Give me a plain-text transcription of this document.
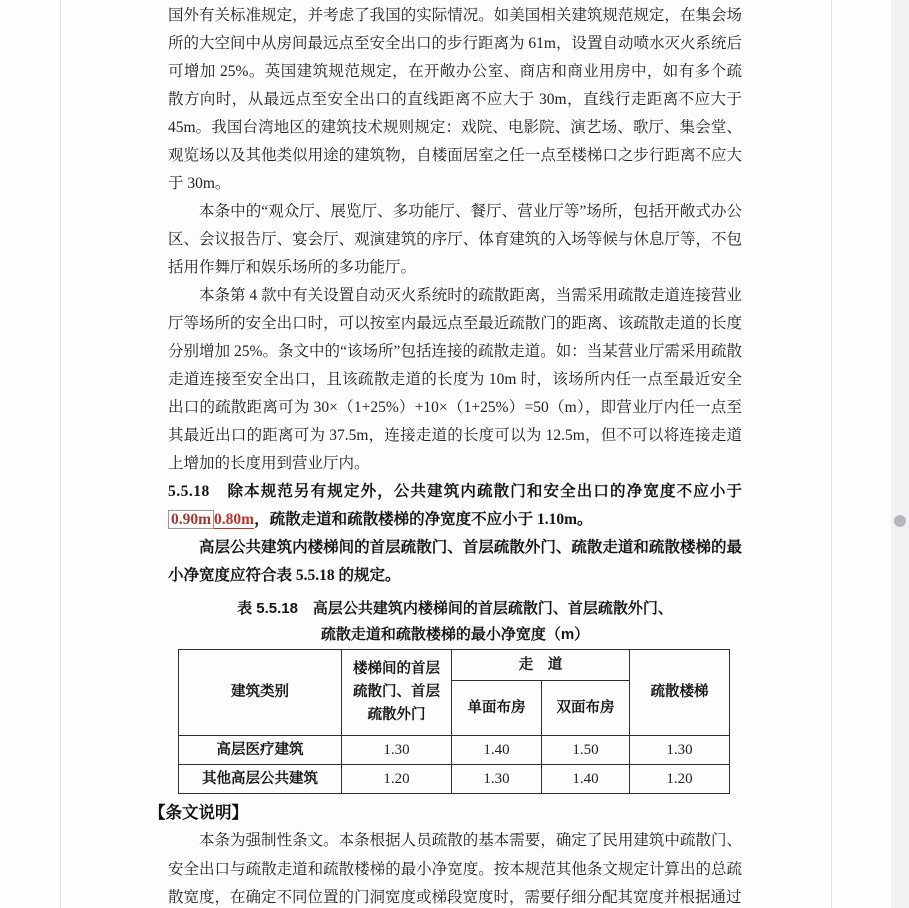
国外有关标准规定，并考虑了我国的实际情况。如美国相关建筑规范规定，在集会场所的大空间中从房间最远点至安全出口的步行距离为 61m，设置自动喷水灭火系统后可增加 25%。英国建筑规范规定，在开敞办公室、商店和商业用房中，如有多个疏散方向时，从最远点至安全出口的直线距离不应大于 30m，直线行走距离不应大于 45m。我国台湾地区的建筑技术规则规定：戏院、电影院、演艺场、歌厅、集会堂、观览场以及其他类似用途的建筑物，自楼面居室之任一点至楼梯口之步行距离不应大于 30m。

本条中的“观众厅、展览厅、多功能厅、餐厅、营业厅等”场所，包括开敞式办公区、会议报告厅、宴会厅、观演建筑的序厅、体育建筑的入场等候与休息厅等，不包括用作舞厅和娱乐场所的多功能厅。

本条第 4 款中有关设置自动灭火系统时的疏散距离，当需采用疏散走道连接营业厅等场所的安全出口时，可以按室内最远点至最近疏散门的距离、该疏散走道的长度分别增加 25%。条文中的“该场所”包括连接的疏散走道。如：当某营业厅需采用疏散走道连接至安全出口，且该疏散走道的长度为 10m 时，该场所内任一点至最近安全出口的疏散距离可为 30×（1+25%）+10×（1+25%）=50（m），即营业厅内任一点至其最近出口的距离可为 37.5m，连接走道的长度可以为 12.5m，但不可以将连接走道上增加的长度用到营业厅内。

5.5.18　除本规范另有规定外，公共建筑内疏散门和安全出口的净宽度不应小于0.90m 0.80m，疏散走道和疏散楼梯的净宽度不应小于 1.10m。

高层公共建筑内楼梯间的首层疏散门、首层疏散外门、疏散走道和疏散楼梯的最小净宽度应符合表 5.5.18 的规定。

表 5.5.18　高层公共建筑内楼梯间的首层疏散门、首层疏散外门、
疏散走道和疏散楼梯的最小净宽度（m）
建筑类别	楼梯间的首层疏散门、首层疏散外门	走　道		疏散楼梯
		单面布房	双面布房	
高层医疗建筑	1.30	1.40	1.50	1.30
其他高层公共建筑	1.20	1.30	1.40	1.20
【条文说明】

本条为强制性条文。本条根据人员疏散的基本需要，确定了民用建筑中疏散门、安全出口与疏散走道和疏散楼梯的最小净宽度。按本规范其他条文规定计算出的总疏散宽度，在确定不同位置的门洞宽度或梯段宽度时，需要仔细分配其宽度并根据通过
